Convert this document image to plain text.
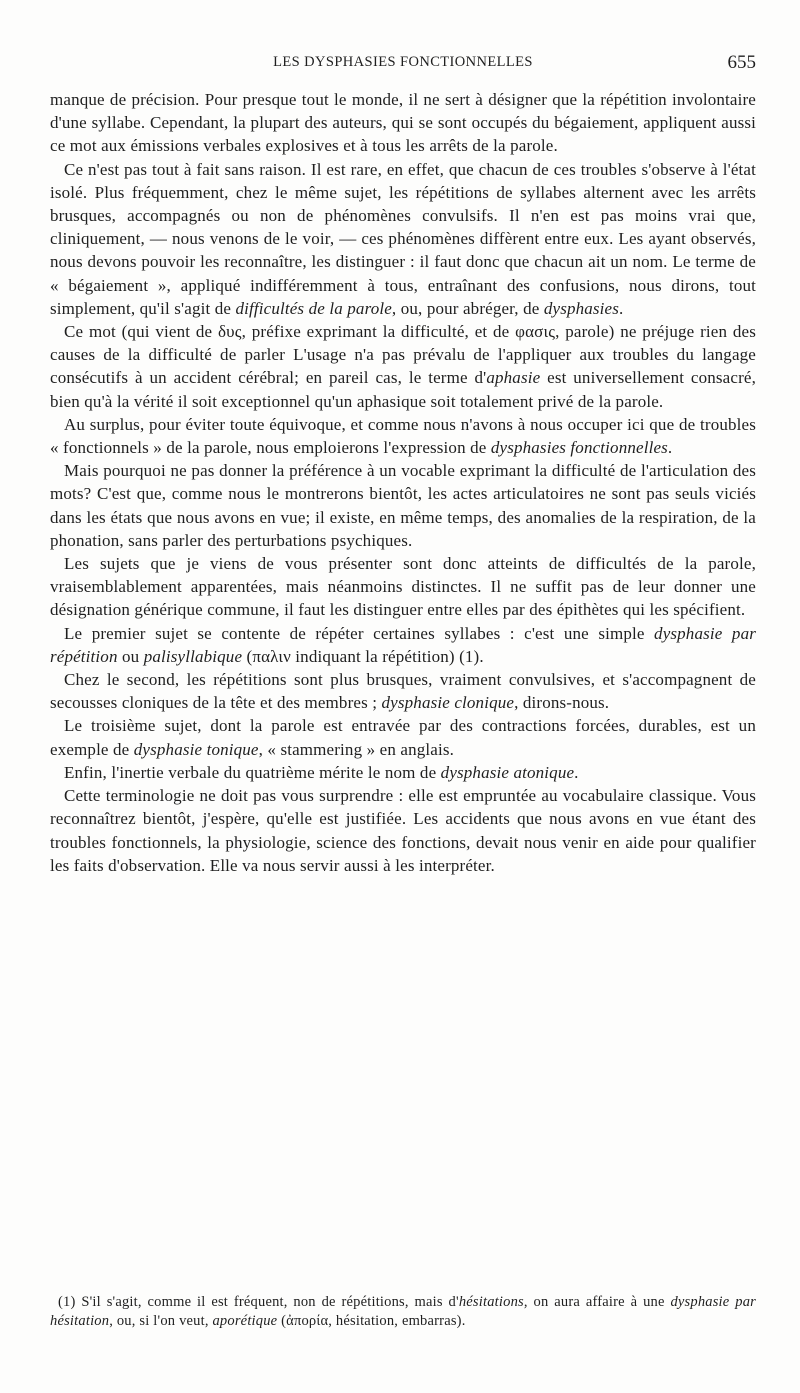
LES DYSPHASIES FONCTIONNELLES	655

manque de précision. Pour presque tout le monde, il ne sert à désigner que la répétition involontaire d'une syllabe. Cependant, la plupart des auteurs, qui se sont occupés du bégaiement, appliquent aussi ce mot aux émissions verbales explosives et à tous les arrêts de la parole.

Ce n'est pas tout à fait sans raison. Il est rare, en effet, que chacun de ces troubles s'observe à l'état isolé. Plus fréquemment, chez le même sujet, les répétitions de syllabes alternent avec les arrêts brusques, accompagnés ou non de phénomènes convulsifs. Il n'en est pas moins vrai que, cliniquement, — nous venons de le voir, — ces phénomènes diffèrent entre eux. Les ayant observés, nous devons pouvoir les reconnaître, les distinguer : il faut donc que chacun ait un nom. Le terme de « bégaiement », appliqué indifféremment à tous, entraînant des confusions, nous dirons, tout simplement, qu'il s'agit de difficultés de la parole, ou, pour abréger, de dysphasies.

Ce mot (qui vient de δυς, préfixe exprimant la difficulté, et de φασις, parole) ne préjuge rien des causes de la difficulté de parler L'usage n'a pas prévalu de l'appliquer aux troubles du langage consécutifs à un accident cérébral; en pareil cas, le terme d'aphasie est universellement consacré, bien qu'à la vérité il soit exceptionnel qu'un aphasique soit totalement privé de la parole.

Au surplus, pour éviter toute équivoque, et comme nous n'avons à nous occuper ici que de troubles « fonctionnels » de la parole, nous emploierons l'expression de dysphasies fonctionnelles.

Mais pourquoi ne pas donner la préférence à un vocable exprimant la difficulté de l'articulation des mots? C'est que, comme nous le montrerons bientôt, les actes articulatoires ne sont pas seuls viciés dans les états que nous avons en vue; il existe, en même temps, des anomalies de la respiration, de la phonation, sans parler des perturbations psychiques.

Les sujets que je viens de vous présenter sont donc atteints de difficultés de la parole, vraisemblablement apparentées, mais néanmoins distinctes. Il ne suffit pas de leur donner une désignation générique commune, il faut les distinguer entre elles par des épithètes qui les spécifient.

Le premier sujet se contente de répéter certaines syllabes : c'est une simple dysphasie par répétition ou palisyllabique (παλιν indiquant la répétition) (1).

Chez le second, les répétitions sont plus brusques, vraiment convulsives, et s'accompagnent de secousses cloniques de la tête et des membres ; dysphasie clonique, dirons-nous.

Le troisième sujet, dont la parole est entravée par des contractions forcées, durables, est un exemple de dysphasie tonique, « stammering » en anglais.

Enfin, l'inertie verbale du quatrième mérite le nom de dysphasie atonique.

Cette terminologie ne doit pas vous surprendre : elle est empruntée au vocabulaire classique. Vous reconnaîtrez bientôt, j'espère, qu'elle est justifiée. Les accidents que nous avons en vue étant des troubles fonctionnels, la physiologie, science des fonctions, devait nous venir en aide pour qualifier les faits d'observation. Elle va nous servir aussi à les interpréter.

(1) S'il s'agit, comme il est fréquent, non de répétitions, mais d'hésitations, on aura affaire à une dysphasie par hésitation, ou, si l'on veut, aporétique (ἀπορία, hésitation, embarras).
